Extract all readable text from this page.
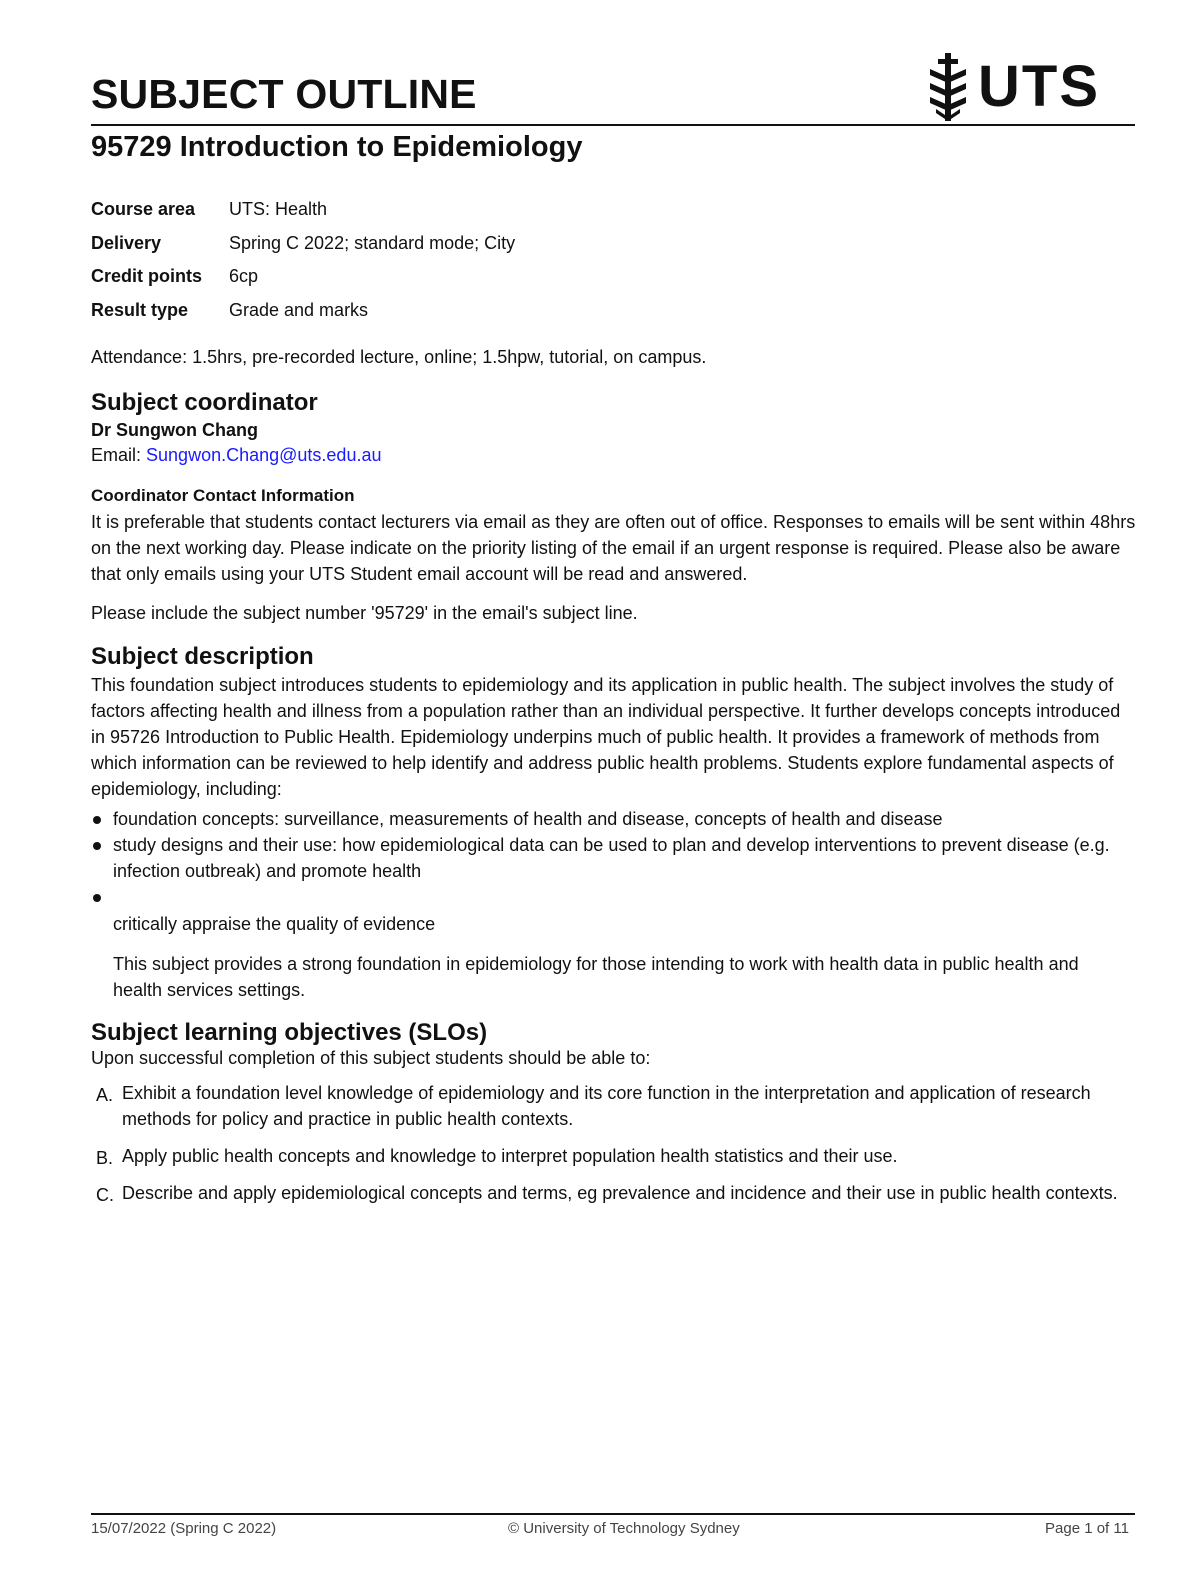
SUBJECT OUTLINE	UTS
95729 Introduction to Epidemiology
Course area	UTS: Health
Delivery	Spring C 2022; standard mode; City
Credit points	6cp
Result type	Grade and marks

Attendance: 1.5hrs, pre-recorded lecture, online; 1.5hpw, tutorial, on campus.

Subject coordinator

Dr Sungwon Chang

Email: Sungwon.Chang@uts.edu.au

Coordinator Contact Information

It is preferable that students contact lecturers via email as they are often out of office. Responses to emails will be sent within 48hrs on the next working day. Please indicate on the priority listing of the email if an urgent response is required. Please also be aware that only emails using your UTS Student email account will be read and answered.

Please include the subject number '95729' in the email's subject line.

Subject description

This foundation subject introduces students to epidemiology and its application in public health. The subject involves the study of factors affecting health and illness from a population rather than an individual perspective. It further develops concepts introduced in 95726 Introduction to Public Health. Epidemiology underpins much of public health. It provides a framework of methods from which information can be reviewed to help identify and address public health problems. Students explore fundamental aspects of epidemiology, including:

foundation concepts: surveillance, measurements of health and disease, concepts of health and disease
study designs and their use: how epidemiological data can be used to plan and develop interventions to prevent disease (e.g. infection outbreak) and promote health

critically appraise the quality of evidence

This subject provides a strong foundation in epidemiology for those intending to work with health data in public health and health services settings.

Subject learning objectives (SLOs)

Upon successful completion of this subject students should be able to:

A. Exhibit a foundation level knowledge of epidemiology and its core function in the interpretation and application of research methods for policy and practice in public health contexts.
B. Apply public health concepts and knowledge to interpret population health statistics and their use.
C. Describe and apply epidemiological concepts and terms, eg prevalence and incidence and their use in public health contexts.
15/07/2022 (Spring C 2022)	© University of Technology Sydney	Page 1 of 11
